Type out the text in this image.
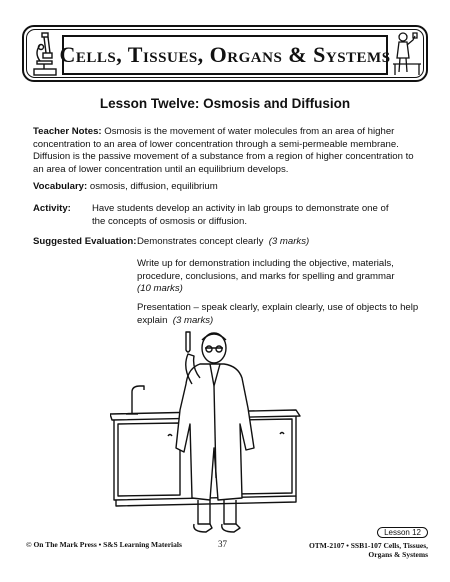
Cells, Tissues, Organs & Systems
Lesson Twelve: Osmosis and Diffusion
Teacher Notes: Osmosis is the movement of water molecules from an area of higher
concentration to an area of lower concentration through a semi-permeable membrane.
Diffusion is the passive movement of a substance from a region of higher concentration to
an area of lower concentration until an equilibrium develops.
Vocabulary: osmosis, diffusion, equilibrium
Activity: Have students develop an activity in lab groups to demonstrate one of
the concepts of osmosis or diffusion.
Suggested Evaluation: Demonstrates concept clearly (3 marks)
Write up for demonstration including the objective, materials,
procedure, conclusions, and marks for spelling and grammar
(10 marks)
Presentation – speak clearly, explain clearly, use of objects to help
explain (3 marks)
© On The Mark Press • S&S Learning Materials	37
Lesson 12
OTM-2107 • SSB1-107 Cells, Tissues,
Organs & Systems
